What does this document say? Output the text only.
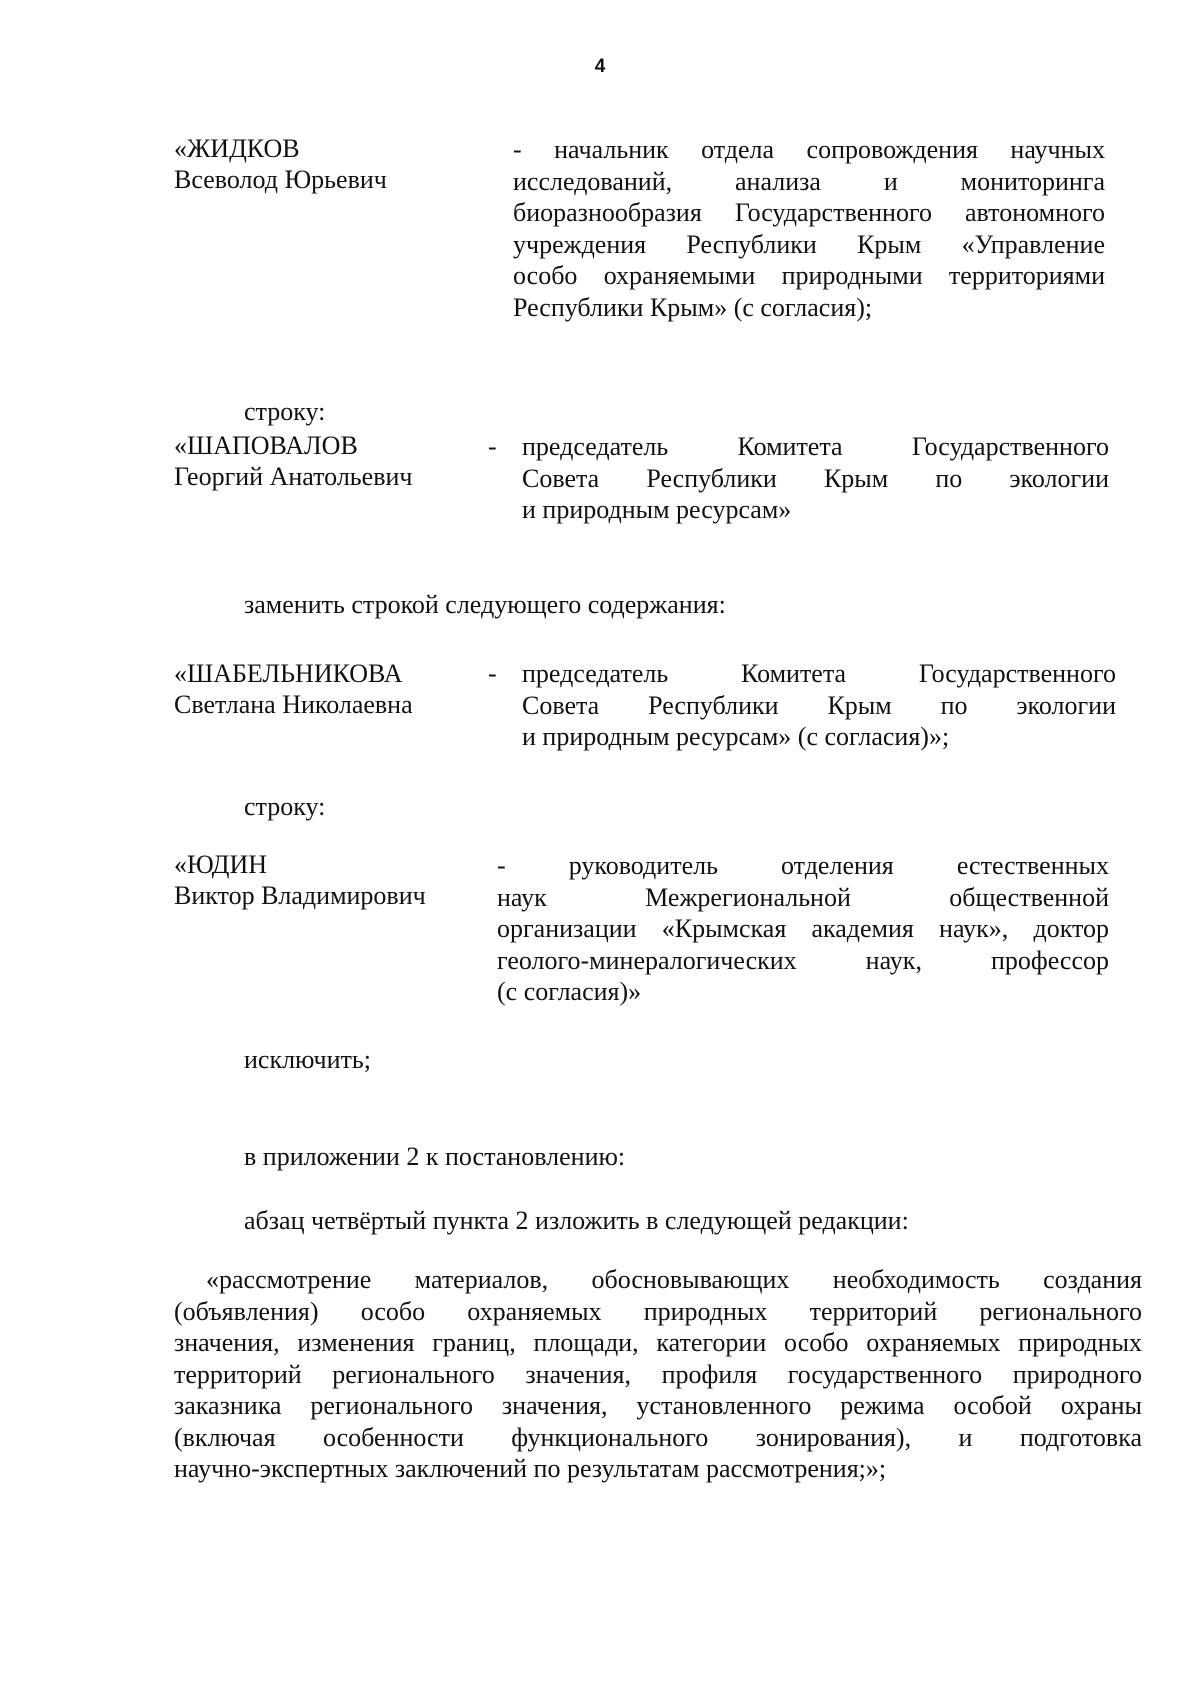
4
«ЖИДКОВ
Всеволод Юрьевич
- начальник отдела сопровождения научных
исследований, анализа и мониторинга
биоразнообразия Государственного автономного
учреждения Республики Крым «Управление
особо охраняемыми природными территориями
Республики Крым» (с согласия);
строку:
«ШАПОВАЛОВ
Георгий Анатольевич
- председатель Комитета Государственного
Совета Республики Крым по экологии
и природным ресурсам»
заменить строкой следующего содержания:
«ШАБЕЛЬНИКОВА
Светлана Николаевна
- председатель Комитета Государственного
Совета Республики Крым по экологии
и природным ресурсам» (с согласия)»;
строку:
«ЮДИН
Виктор Владимирович
- руководитель отделения естественных
наук Межрегиональной общественной
организации «Крымская академия наук», доктор
геолого-минералогических наук, профессор
(с согласия)»
исключить;
в приложении 2 к постановлению:
абзац четвёртый пункта 2 изложить в следующей редакции:
«рассмотрение материалов, обосновывающих необходимость создания
(объявления) особо охраняемых природных территорий регионального
значения, изменения границ, площади, категории особо охраняемых природных
территорий регионального значения, профиля государственного природного
заказника регионального значения, установленного режима особой охраны
(включая особенности функционального зонирования), и подготовка
научно-экспертных заключений по результатам рассмотрения;»;
